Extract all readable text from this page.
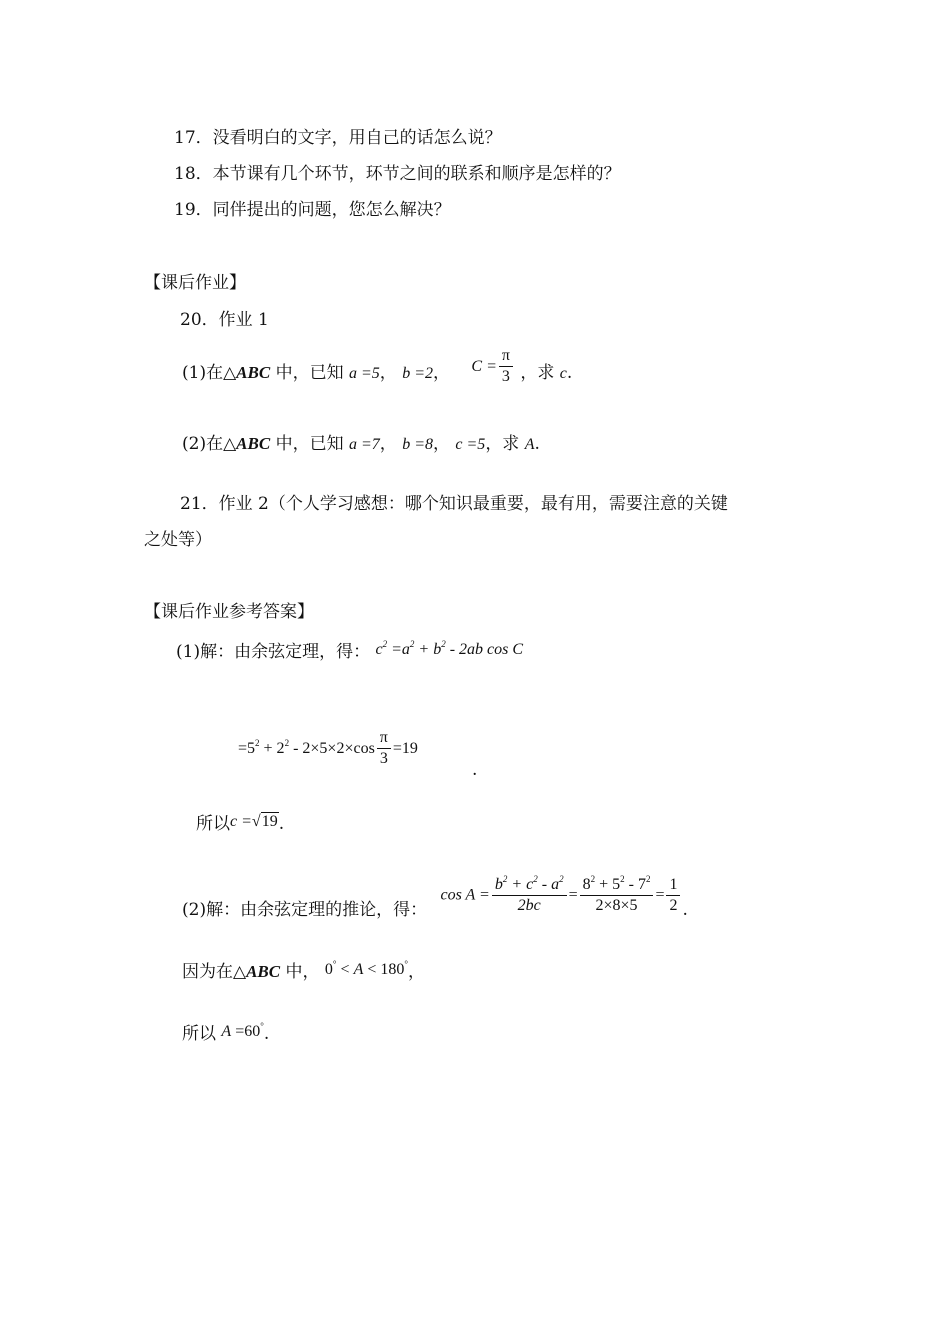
17．没看明白的文字，用自己的话怎么说？
18．本节课有几个环节，环节之间的联系和顺序是怎样的？
19．同伴提出的问题，您怎么解决？
【课后作业】
20．作业 1
(1)在△ABC 中，已知 a =5， b =2， $C = \frac{\pi}{3}$ ，求 c.
(2)在△ABC 中，已知 a =7， b =8， c =5，求 A.
21．作业 2（个人学习感想：哪个知识最重要，最有用，需要注意的关键
之处等）
【课后作业参考答案】
(1)解：由余弦定理，得： $c^2 =a^2 + b^2 - 2ab$ cos C
$=5^2 + 2^2 - 2\times 5\times 2\times\cos \frac{\pi}{3} =19$
.
所以c =√19.
(2)解：由余弦定理的推论，得： $\cos A = \frac{b^2 + c^2 - a^2}{2bc} = \frac{8^2 + 5^2 - 7^2}{2\times 8\times 5} = \frac{1}{2}$ .
因为在△ABC 中， 0° < A < 180°，
所以 A =60°.
